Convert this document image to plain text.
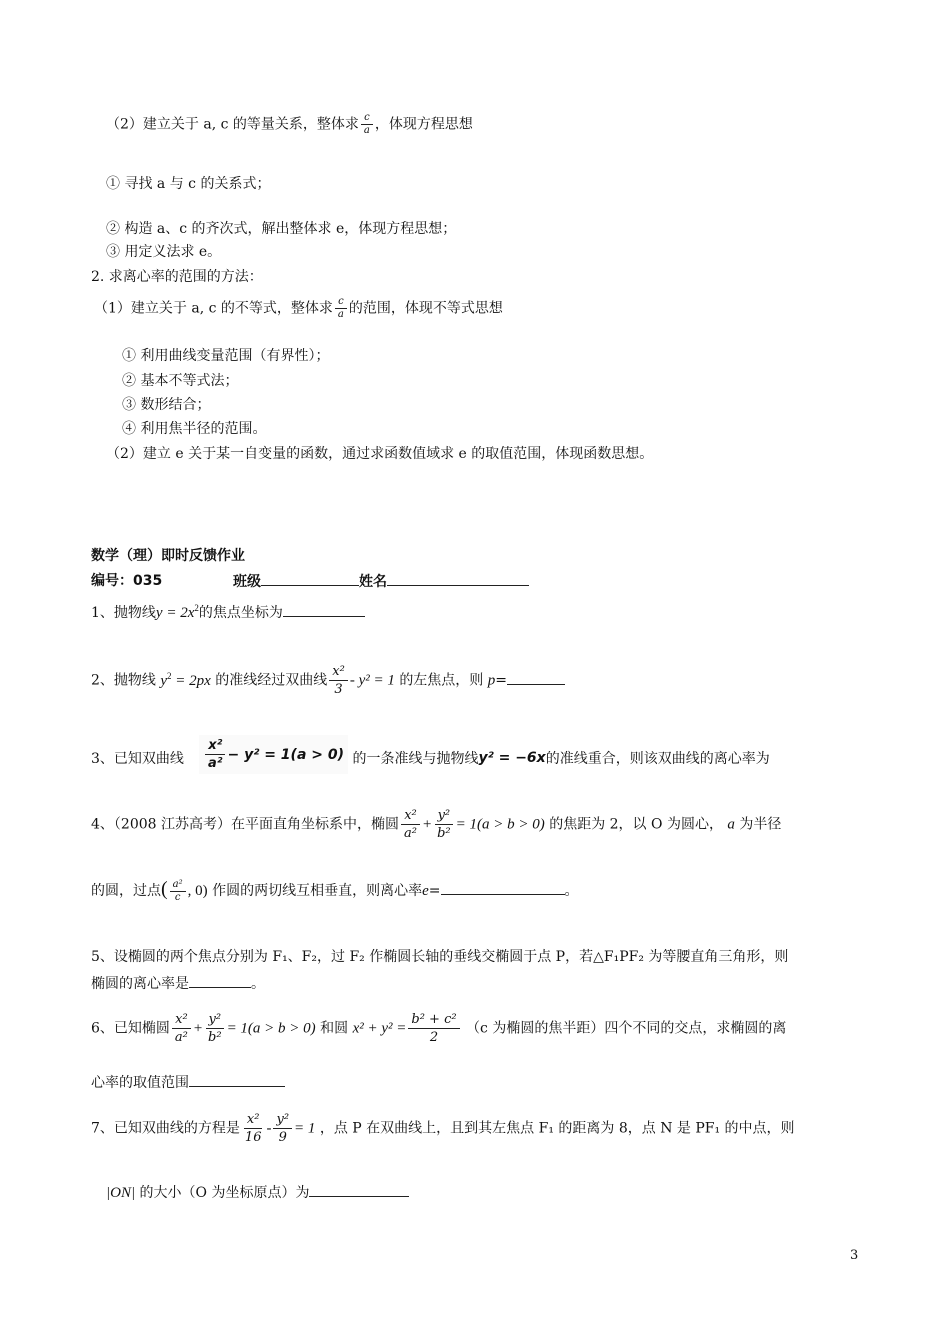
（2）建立关于 a, c 的等量关系，整体求 $\frac{c}{a}$ ，体现方程思想
① 寻找 a 与 c 的关系式；
② 构造 a、c 的齐次式，解出整体求 e，体现方程思想；
③ 用定义法求 e。
2. 求离心率的范围的方法：
（1）建立关于 a, c 的不等式，整体求 $\frac{c}{a}$ 的范围，体现不等式思想
① 利用曲线变量范围（有界性）；
② 基本不等式法；
③ 数形结合；
④ 利用焦半径的范围。
（2）建立 e 关于某一自变量的函数，通过求函数值域求 e 的取值范围，体现函数思想。
数学（理）即时反馈作业
编号：035	班级	姓名
1、抛物线$y = 2x^2$的焦点坐标为
2、抛物线 $y^2 = 2px$ 的准线经过双曲线 $\frac{\text{x²}}{3} - y^2 = 1$ 的左焦点，则 p=
3、已知双曲线 $\frac{\text{x²}}{\text{a²}} - y^2 = 1(a > 0)$ 的一条准线与抛物线y² = −6x的准线重合，则该双曲线的离心率为
4、（2008 江苏高考）在平面直角坐标系中，椭圆 $\frac{\text{x²}}{\text{a²}} + \frac{\text{y²}}{\text{b²}} = 1(a > b > 0)$ 的焦距为 2，以 O 为圆心， a 为半径
的圆，过点( $\frac{\text{a²}}{c}$ , 0) 作圆的两切线互相垂直，则离心率e=	。
5、设椭圆的两个焦点分别为 F₁、F₂，过 F₂ 作椭圆长轴的垂线交椭圆于点 P，若△F₁PF₂ 为等腰直角三角形，则
椭圆的离心率是	。
6、已知椭圆 $\frac{\text{x²}}{\text{a²}} + \frac{\text{y²}}{\text{b²}} = 1(a > b > 0)$ 和圆 $x^2 + y^2 = \frac{\text{b² + c²}}{2} (c$ 为椭圆的焦半距）四个不同的交点，求椭圆的离
心率的取值范围
7、已知双曲线的方程是 $\frac{\text{x²}}{16} - \frac{\text{y²}}{9} = 1$ ，点 P 在双曲线上，且到其左焦点 F₁ 的距离为 8，点 N 是 PF₁ 的中点，则
|ON| 的大小（O 为坐标原点）为
3
